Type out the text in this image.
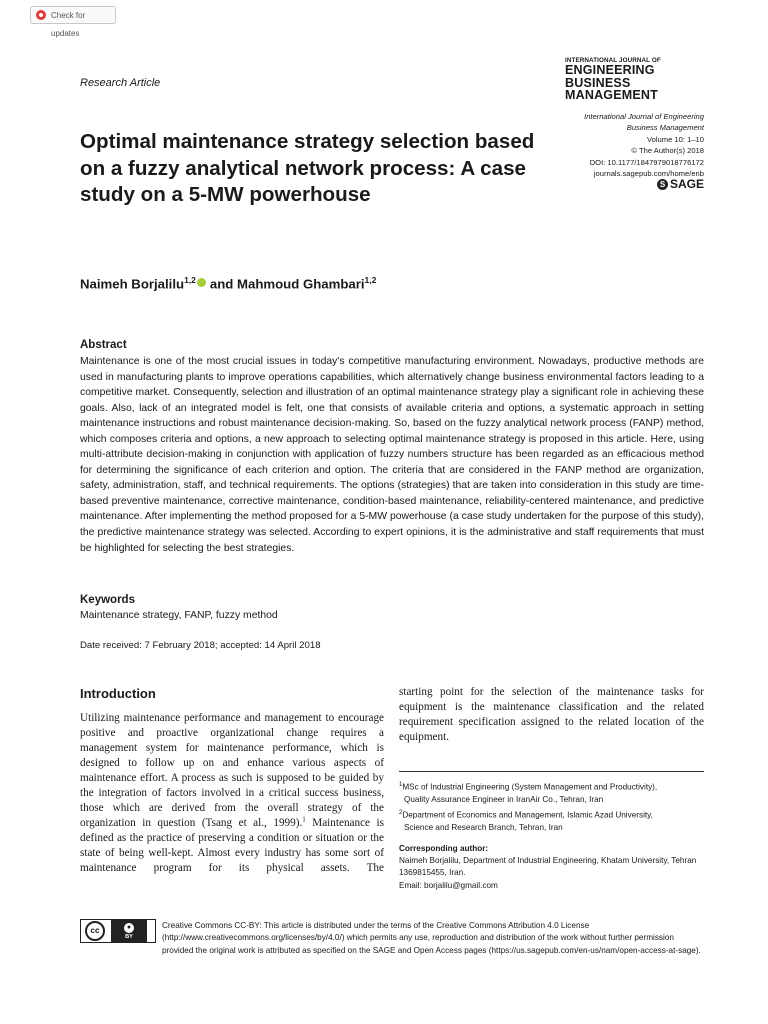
Check for updates
Research Article
INTERNATIONAL JOURNAL OF
ENGINEERING BUSINESS
MANAGEMENT
International Journal of Engineering
Business Management
Volume 10: 1–10
© The Author(s) 2018
DOI: 10.1177/1847979018776172
journals.sagepub.com/home/enb
S SAGE
Optimal maintenance strategy selection based on a fuzzy analytical network process: A case study on a 5-MW powerhouse
Naimeh Borjalilu$^{1,2}$ and Mahmoud Ghambari$^{1,2}$
Abstract
Maintenance is one of the most crucial issues in today's competitive manufacturing environment. Nowadays, productive methods are used in manufacturing plants to improve operations capabilities, which alternatively change business environmental factors leading to a competitive market. Consequently, selection and illustration of an optimal maintenance strategy play a significant role in achieving these goals. Also, lack of an integrated model is felt, one that consists of available criteria and options, a systematic approach in setting maintenance instructions and robust maintenance decision-making. So, based on the fuzzy analytical network process (FANP) method, which composes criteria and options, a new approach to selecting optimal maintenance strategy is proposed in this article. Here, using multi-attribute decision-making in conjunction with application of fuzzy numbers structure has been regarded as an efficacious method for determining the significance of each criterion and option. The criteria that are considered in the FANP method are organization, safety, administration, staff, and technical requirements. The options (strategies) that are taken into consideration in this study are time-based preventive maintenance, corrective maintenance, condition-based maintenance, reliability-centered maintenance, and predictive maintenance. After implementing the method proposed for a 5-MW powerhouse (a case study undertaken for the purpose of this study), the predictive maintenance strategy was selected. According to expert opinions, it is the administrative and staff requirements that must be highlighted for selecting the best strategies.
Keywords
Maintenance strategy, FANP, fuzzy method
Date received: 7 February 2018; accepted: 14 April 2018
Introduction
Utilizing maintenance performance and management to encourage positive and proactive organizational change requires a management system for maintenance performance, which is designed to follow up on and enhance various aspects of maintenance effort. A process as such is supposed to be guided by the integration of factors involved in a critical success business, those which are derived from the overall strategy of the organization in question (Tsang et al., 1999).$^1$ Maintenance is defined as the practice of preserving a condition or situation or the state of being well-kept. Almost every industry has some sort of maintenance program for its physical assets. The
starting point for the selection of the maintenance tasks for equipment is the maintenance classification and the related requirement specification assigned to the related location of the equipment.
$^1$MSc of Industrial Engineering (System Management and Productivity),
Quality Assurance Engineer in IranAir Co., Tehran, Iran
$^2$Department of Economics and Management, Islamic Azad University,
Science and Research Branch, Tehran, Iran
Corresponding author:
Naimeh Borjalilu, Department of Industrial Engineering, Khatam University, Tehran 1369815455, Iran.
Email: borjalilu@gmail.com
cc	●
BY
Creative Commons CC-BY: This article is distributed under the terms of the Creative Commons Attribution 4.0 License (http://www.creativecommons.org/licenses/by/4.0/) which permits any use, reproduction and distribution of the work without further permission provided the original work is attributed as specified on the SAGE and Open Access pages (https://us.sagepub.com/en-us/nam/open-access-at-sage).
